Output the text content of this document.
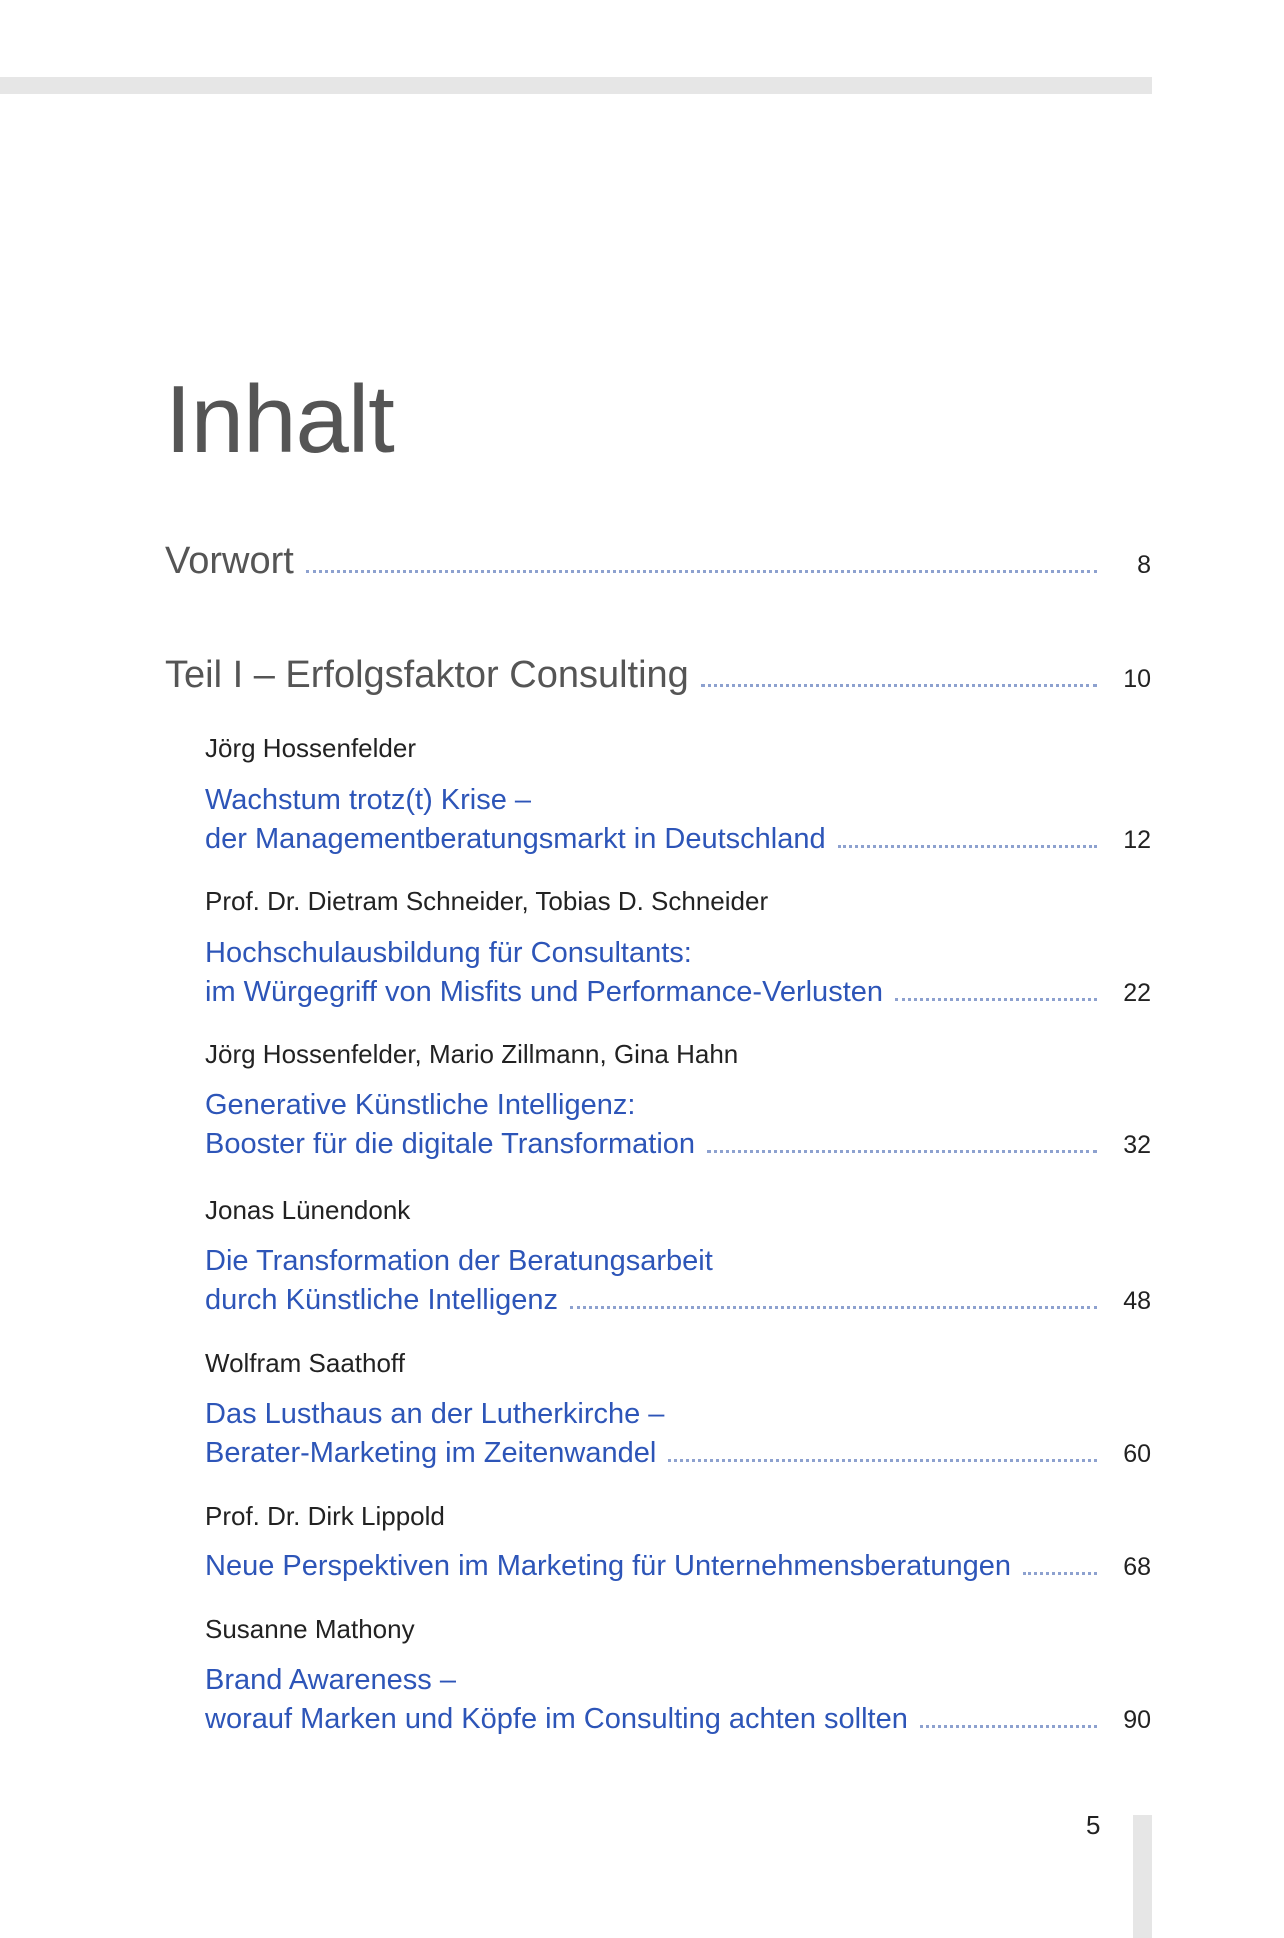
Inhalt
Vorwort	8
Teil I – Erfolgsfaktor Consulting	10
Jörg Hossenfelder
Wachstum trotz(t) Krise –
der Managementberatungsmarkt in Deutschland	12
Prof. Dr. Dietram Schneider, Tobias D. Schneider
Hochschulausbildung für Consultants:
im Würgegriff von Misfits und Performance-Verlusten	22
Jörg Hossenfelder, Mario Zillmann, Gina Hahn
Generative Künstliche Intelligenz:
Booster für die digitale Transformation	32
Jonas Lünendonk
Die Transformation der Beratungsarbeit
durch Künstliche Intelligenz	48
Wolfram Saathoff
Das Lusthaus an der Lutherkirche –
Berater-Marketing im Zeitenwandel	60
Prof. Dr. Dirk Lippold
Neue Perspektiven im Marketing für Unternehmensberatungen	68
Susanne Mathony
Brand Awareness –
worauf Marken und Köpfe im Consulting achten sollten	90
5
